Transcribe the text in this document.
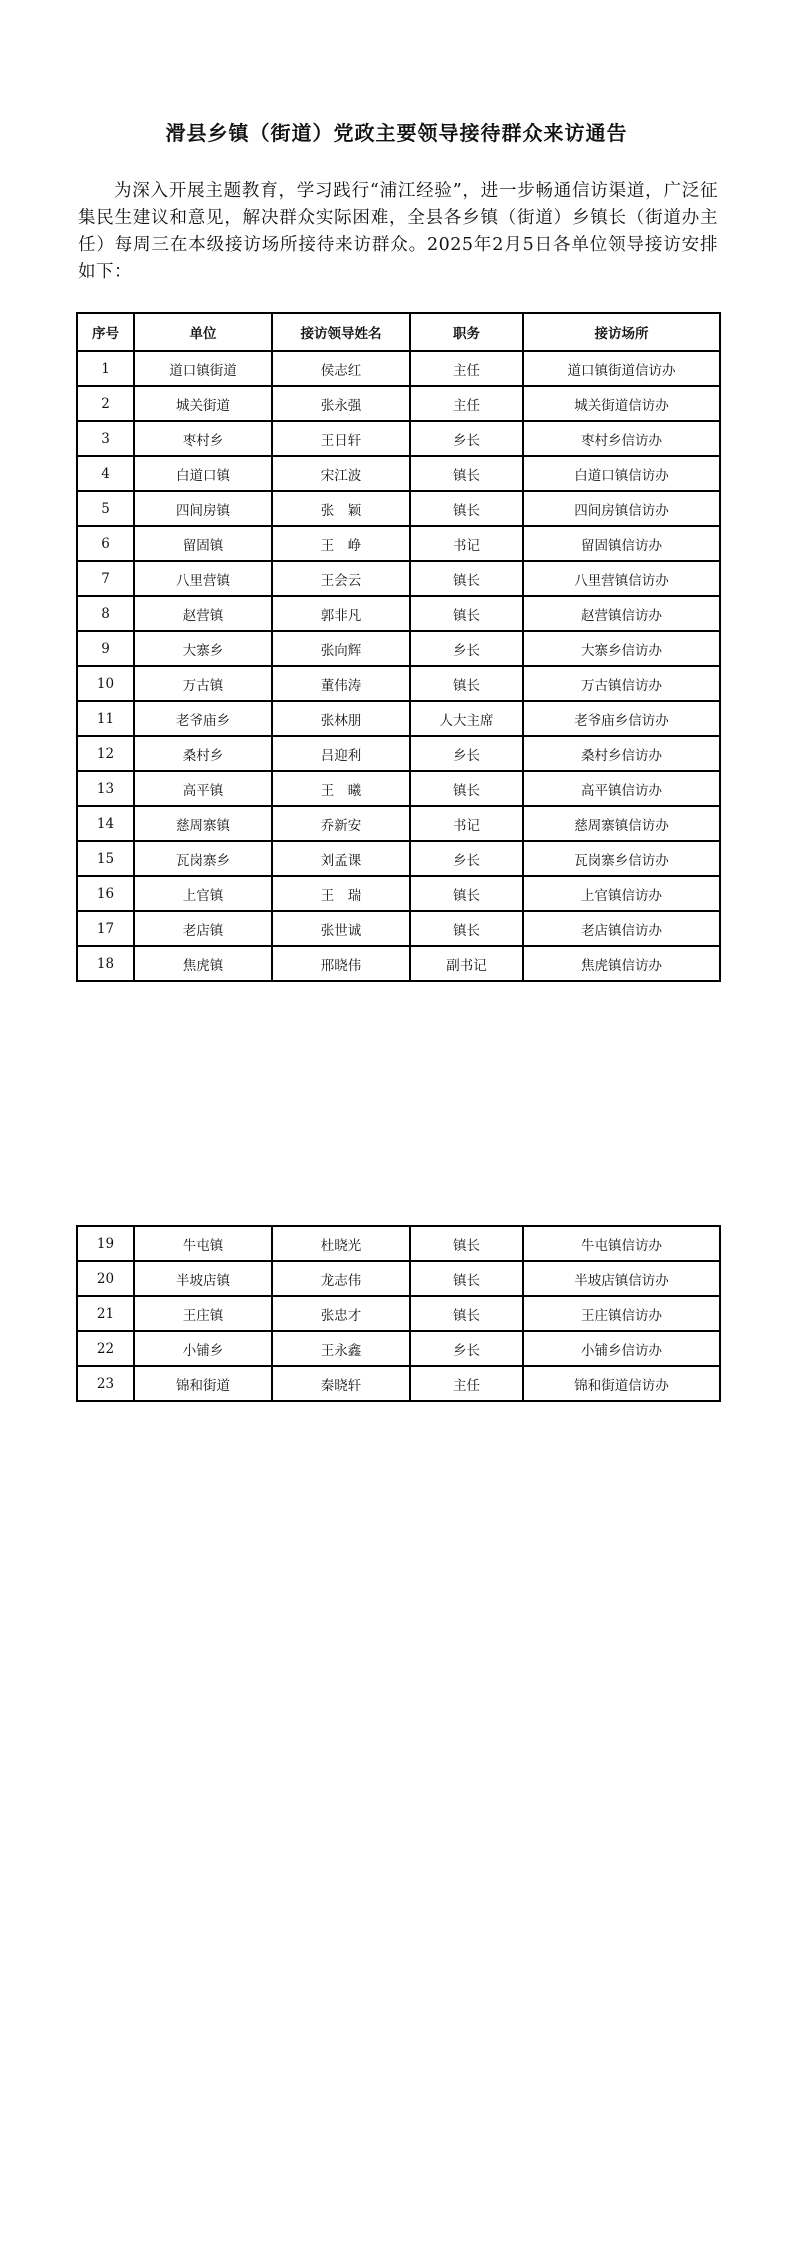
滑县乡镇（街道）党政主要领导接待群众来访通告
为深入开展主题教育，学习践行“浦江经验”，进一步畅通信访渠道，广泛征集民生建议和意见，解决群众实际困难，全县各乡镇（街道）乡镇长（街道办主任）每周三在本级接访场所接待来访群众。2025年2月5日各单位领导接访安排如下：
序号	单位	接访领导姓名	职务	接访场所
1	道口镇街道	侯志红	主任	道口镇街道信访办
2	城关街道	张永强	主任	城关街道信访办
3	枣村乡	王日轩	乡长	枣村乡信访办
4	白道口镇	宋江波	镇长	白道口镇信访办
5	四间房镇	张　颖	镇长	四间房镇信访办
6	留固镇	王　峥	书记	留固镇信访办
7	八里营镇	王会云	镇长	八里营镇信访办
8	赵营镇	郭非凡	镇长	赵营镇信访办
9	大寨乡	张向辉	乡长	大寨乡信访办
10	万古镇	董伟涛	镇长	万古镇信访办
11	老爷庙乡	张林朋	人大主席	老爷庙乡信访办
12	桑村乡	吕迎利	乡长	桑村乡信访办
13	高平镇	王　曦	镇长	高平镇信访办
14	慈周寨镇	乔新安	书记	慈周寨镇信访办
15	瓦岗寨乡	刘孟课	乡长	瓦岗寨乡信访办
16	上官镇	王　瑞	镇长	上官镇信访办
17	老店镇	张世诚	镇长	老店镇信访办
18	焦虎镇	邢晓伟	副书记	焦虎镇信访办
19	牛屯镇	杜晓光	镇长	牛屯镇信访办
20	半坡店镇	龙志伟	镇长	半坡店镇信访办
21	王庄镇	张忠才	镇长	王庄镇信访办
22	小铺乡	王永鑫	乡长	小铺乡信访办
23	锦和街道	秦晓轩	主任	锦和街道信访办
